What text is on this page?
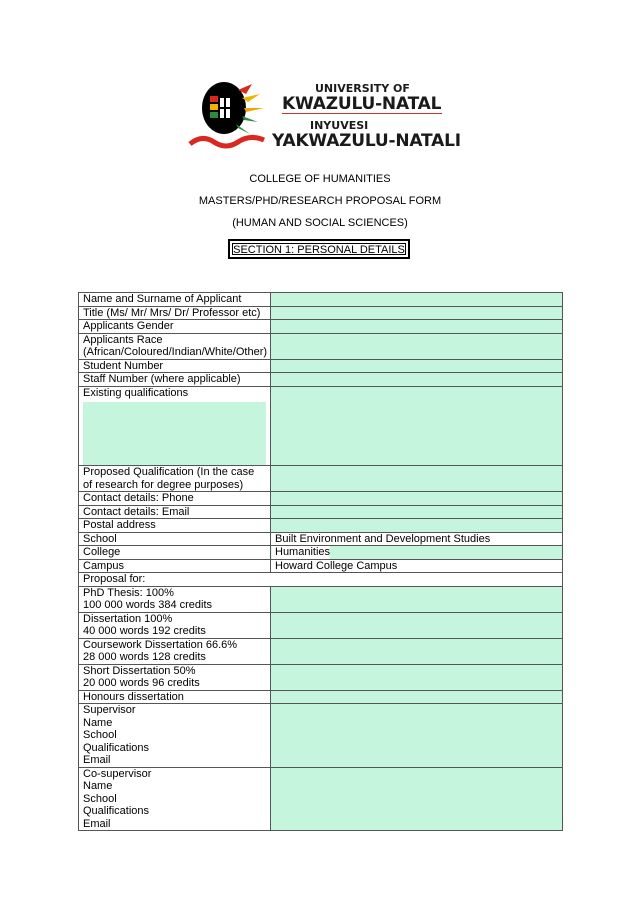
UNIVERSITY OF
KWAZULU-NATAL
INYUVESI
YAKWAZULU-NATALI
COLLEGE OF HUMANITIES
MASTERS/PHD/RESEARCH PROPOSAL FORM
(HUMAN AND SOCIAL SCIENCES)
SECTION 1: PERSONAL DETAILS
Name and Surname of Applicant	
Title (Ms/ Mr/ Mrs/ Dr/ Professor etc)	
Applicants Gender	
Applicants Race (African/Coloured/Indian/White/Other)	
Student Number	
Staff Number (where applicable)	

Existing qualifications	

Proposed Qualification (In the case of research for degree purposes)	
Contact details: Phone	
Contact details: Email	
Postal address	
School	Built Environment and Development Studies
College	Humanities
Campus	Howard College Campus
Proposal for:	

PhD Thesis: 100%
100 000 words 384 credits	

Dissertation 100%
40 000 words 192 credits	

Coursework Dissertation 66.6%
28 000 words 128 credits	

Short Dissertation 50%
20 000 words 96 credits	

Honours dissertation	

Supervisor
Name
School
Qualifications
Email	

Co-supervisor
Name
School
Qualifications
Email	
